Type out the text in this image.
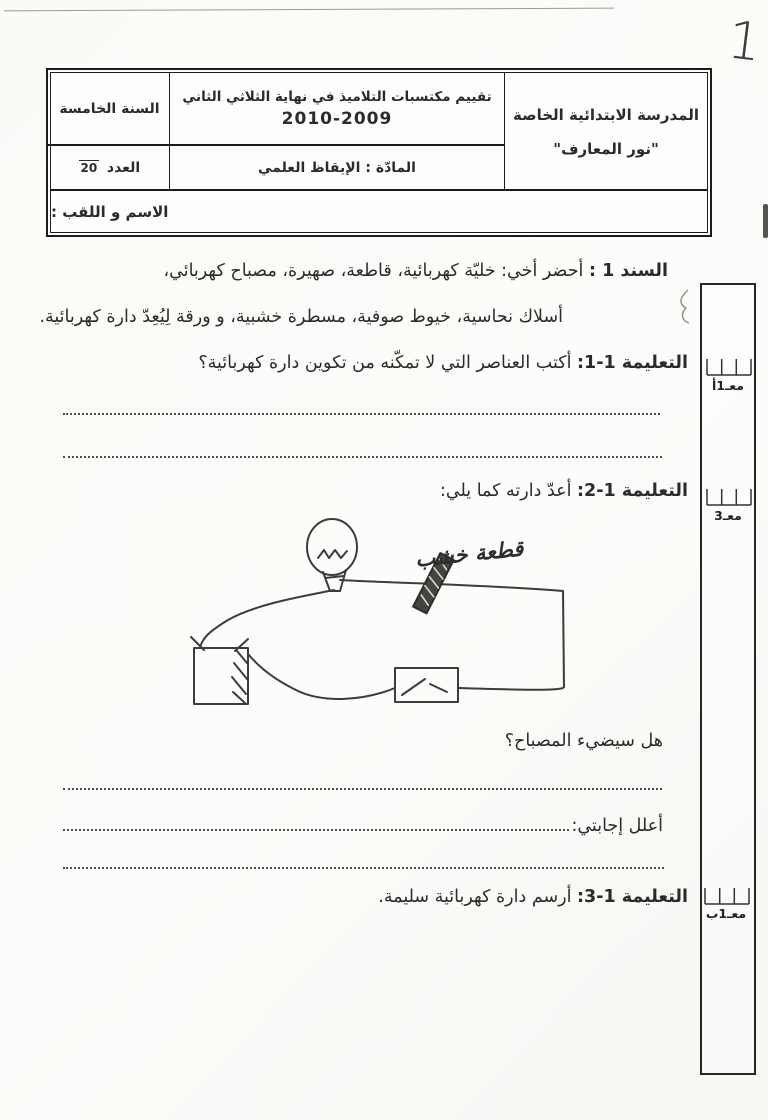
1
المدرسة الابتدائية الخاصة
"نور المعارف"
تقييم مكتسبات التلاميذ في نهاية الثلاثي الثاني
2010-2009
السنة الخامسة
المادّة : الإيقاظ العلمي
العدد
20
الاسم و اللقب :
السند 1 : أحضر أخي: خليّة كهربائية، قاطعة، صهيرة، مصباح كهربائي،
أسلاك نحاسية، خيوط صوفية، مسطرة خشبية، و ورقة لِيُعِدّ دارة كهربائية.
التعليمة 1-1: أكتب العناصر التي لا تمكّنه من تكوين دارة كهربائية؟
التعليمة 1-2: أعدّ دارته كما يلي:
قطعة خشب
هل سيضيء المصباح؟
أعلل إجابتي:
التعليمة 1-3: أرسم دارة كهربائية سليمة.
معـ1أ
معـ3
معـ1ب
